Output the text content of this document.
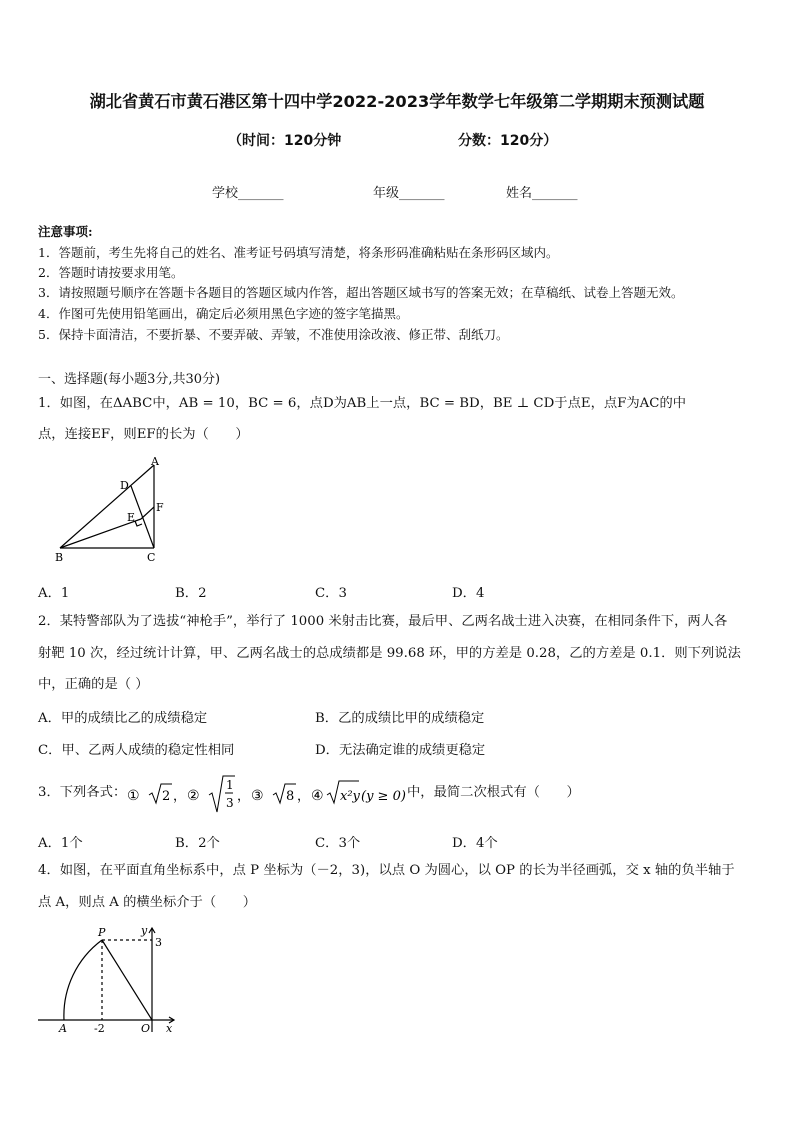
湖北省黄石市黄石港区第十四中学2022-2023学年数学七年级第二学期期末预测试题
（时间：120分钟	分数：120分）
学校_______	年级_______	姓名_______
注意事项:
1．答题前，考生先将自己的姓名、准考证号码填写清楚，将条形码准确粘贴在条形码区域内。
2．答题时请按要求用笔。
3．请按照题号顺序在答题卡各题目的答题区域内作答，超出答题区域书写的答案无效；在草稿纸、试卷上答题无效。
4．作图可先使用铅笔画出，确定后必须用黑色字迹的签字笔描黑。
5．保持卡面清洁，不要折暴、不要弄破、弄皱，不准使用涂改液、修正带、刮纸刀。
一、选择题(每小题3分,共30分)
1．如图，在ΔABC中，AB = 10，BC = 6，点D为AB上一点，BC = BD，BE ⊥ CD于点E，点F为AC的中
点，连接EF，则EF的长为（　　）
A
D
E
F
B	C
A．1	B．2	C．3	D．4
2．某特警部队为了选拔“神枪手”，举行了 1000 米射击比赛，最后甲、乙两名战士进入决赛，在相同条件下，两人各
射靶 10 次，经过统计计算，甲、乙两名战士的总成绩都是 99.68 环，甲的方差是 0.28，乙的方差是 0.1．则下列说法
中，正确的是（ ）
A．甲的成绩比乙的成绩稳定	B．乙的成绩比甲的成绩稳定
C．甲、乙两人成绩的稳定性相同	D．无法确定谁的成绩更稳定
3．下列各式： ① 2 ， ②
1
3 ， ③ 8 ， ④ x²y (y ≥ 0) 中，最简二次根式有（　　）
A．1个	B．2个	C．3个	D．4个
4．如图，在平面直角坐标系中，点 P 坐标为（－2，3)，以点 O 为圆心，以 OP 的长为半径画弧，交 x 轴的负半轴于
点 A，则点 A 的横坐标介于（　　）
P	y
3
A -2	O x
